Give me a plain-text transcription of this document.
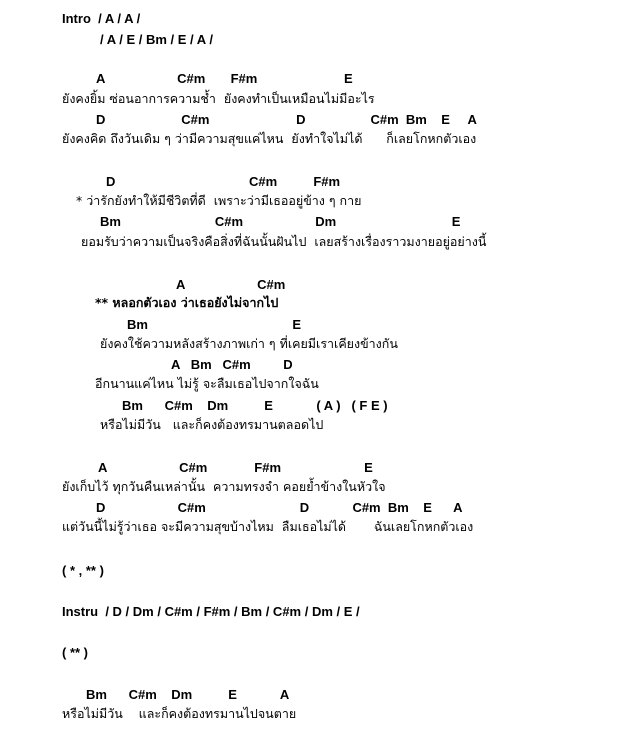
Intro  / A / A /
/ A / E / Bm / E / A /
A                    C#m       F#m                        E
ยังคงยิ้ม ซ่อนอาการความช้ำ  ยังคงทำเป็นเหมือนไม่มีอะไร
D                     C#m                        D                  C#m  Bm    E     A
ยังคงคิด ถึงวันเดิม ๆ ว่ามีความสุขแค่ไหน  ยังทำใจไม่ได้      ก็เลยโกหกตัวเอง
D                                     C#m          F#m
* ว่ารักยังทำให้มีชีวิตที่ดี  เพราะว่ามีเธออยู่ข้าง ๆ กาย
Bm                          C#m                    Dm                                E
ยอมรับว่าความเป็นจริงคือสิ่งที่ฉันนั้นฝันไป  เลยสร้างเรื่องราวมงายอยู่อย่างนี้
A                    C#m
** หลอกตัวเอง ว่าเธอยังไม่จากไป
Bm                                        E
ยังคงใช้ความหลังสร้างภาพเก่า ๆ ที่เคยมีเราเคียงข้างกัน
A   Bm   C#m         D
อีกนานแค่ไหน ไม่รู้ จะลืมเธอไปจากใจฉัน
Bm      C#m    Dm          E            ( A )   ( F E )
หรือไม่มีวัน   และก็คงต้องทรมานตลอดไป
A                    C#m             F#m                       E
ยังเก็บไว้ ทุกวันคืนเหล่านั้น  ความทรงจำ คอยย้ำข้างในหัวใจ
D                    C#m                          D            C#m  Bm    E      A
แต่วันนี้ไม่รู้ว่าเธอ จะมีความสุขบ้างไหม  ลืมเธอไม่ได้       ฉันเลยโกหกตัวเอง
( * , ** )
Instru  / D / Dm / C#m / F#m / Bm / C#m / Dm / E /
( ** )
Bm      C#m    Dm          E            A
หรือไม่มีวัน    และก็คงต้องทรมานไปจนตาย
